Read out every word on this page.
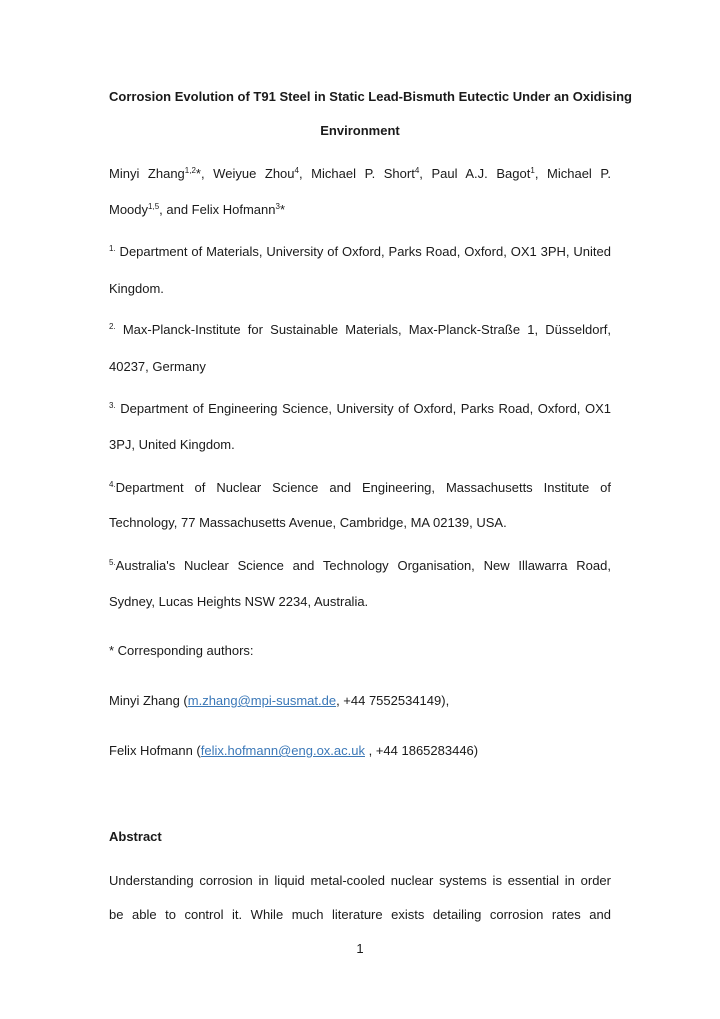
Corrosion Evolution of T91 Steel in Static Lead-Bismuth Eutectic Under an Oxidising
Environment
Minyi Zhang$^{1,2}$*, Weiyue Zhou$^4$, Michael P. Short$^4$, Paul A.J. Bagot$^1$, Michael P.
Moody$^{1,5}$, and Felix Hofmann$^3$*
$^{1.}$ Department of Materials, University of Oxford, Parks Road, Oxford, OX1 3PH, United
Kingdom.
$^{2.}$ Max-Planck-Institute for Sustainable Materials, Max-Planck-Straße 1, Düsseldorf,
40237, Germany
$^{3.}$ Department of Engineering Science, University of Oxford, Parks Road, Oxford, OX1
3PJ, United Kingdom.
$^{4.}$Department of Nuclear Science and Engineering, Massachusetts Institute of
Technology, 77 Massachusetts Avenue, Cambridge, MA 02139, USA.
$^{5.}$Australia's Nuclear Science and Technology Organisation, New Illawarra Road,
Sydney, Lucas Heights NSW 2234, Australia.
* Corresponding authors:
Minyi Zhang (m.zhang@mpi-susmat.de, +44 7552534149),
Felix Hofmann (felix.hofmann@eng.ox.ac.uk , +44 1865283446)
Abstract
Understanding corrosion in liquid metal-cooled nuclear systems is essential in order
be able to control it. While much literature exists detailing corrosion rates and
1
